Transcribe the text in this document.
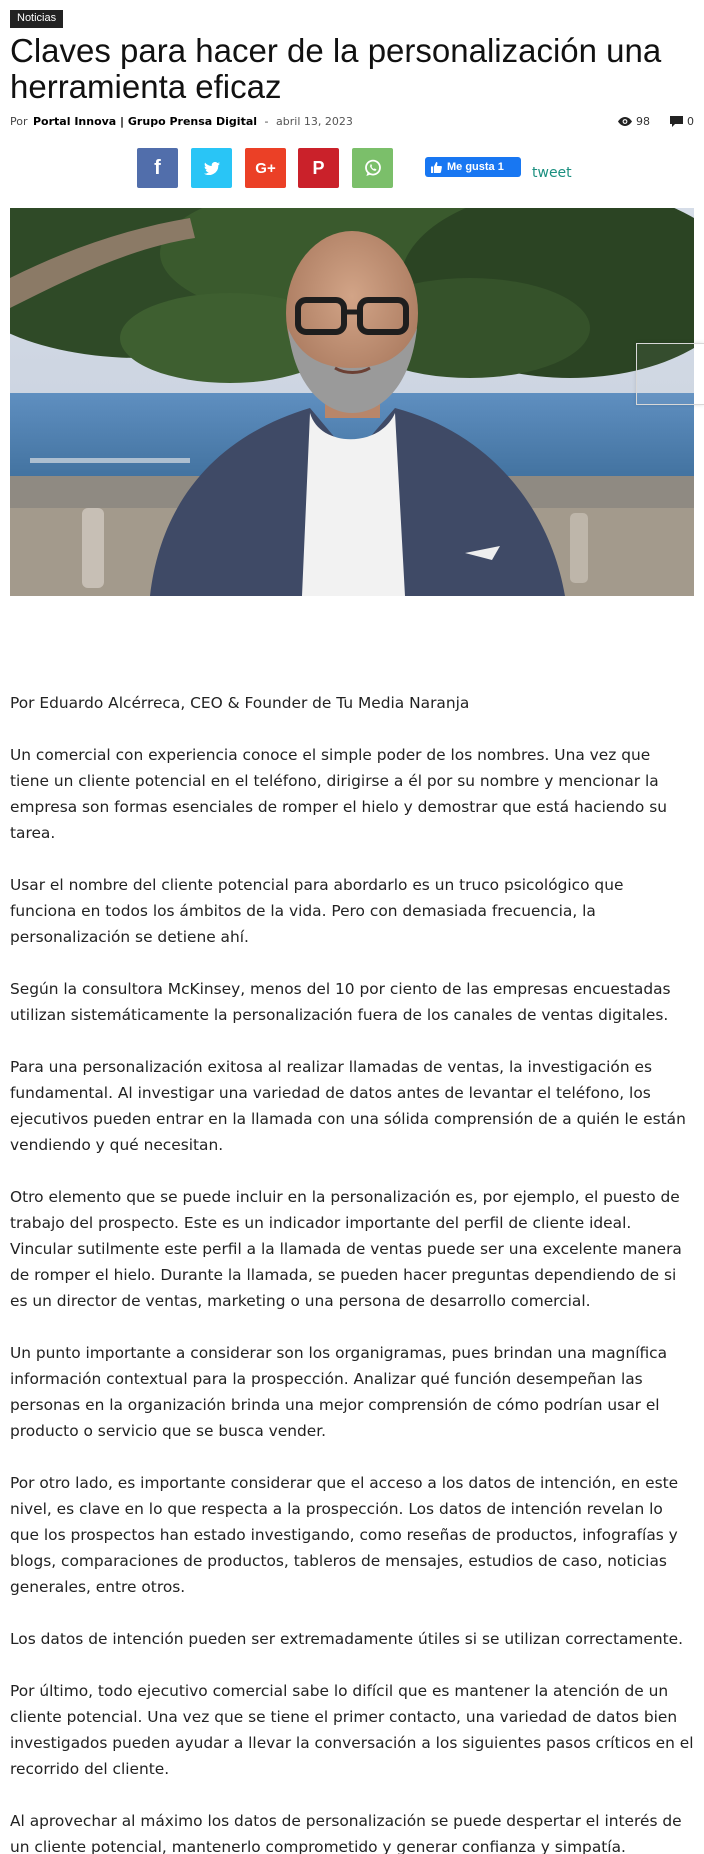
Noticias
Claves para hacer de la personalización una herramienta eficaz
Por Portal Innova | Grupo Prensa Digital - abril 13, 2023	98	0
f	G+ P	Me gusta 1 tweet

Por Eduardo Alcérreca, CEO & Founder de Tu Media Naranja

Un comercial con experiencia conoce el simple poder de los nombres. Una vez que tiene un cliente potencial en el teléfono, dirigirse a él por su nombre y mencionar la empresa son formas esenciales de romper el hielo y demostrar que está haciendo su tarea.

Usar el nombre del cliente potencial para abordarlo es un truco psicológico que funciona en todos los ámbitos de la vida. Pero con demasiada frecuencia, la personalización se detiene ahí.

Según la consultora McKinsey, menos del 10 por ciento de las empresas encuestadas utilizan sistemáticamente la personalización fuera de los canales de ventas digitales.

Para una personalización exitosa al realizar llamadas de ventas, la investigación es fundamental. Al investigar una variedad de datos antes de levantar el teléfono, los ejecutivos pueden entrar en la llamada con una sólida comprensión de a quién le están vendiendo y qué necesitan.

Otro elemento que se puede incluir en la personalización es, por ejemplo, el puesto de trabajo del prospecto. Este es un indicador importante del perfil de cliente ideal. Vincular sutilmente este perfil a la llamada de ventas puede ser una excelente manera de romper el hielo. Durante la llamada, se pueden hacer preguntas dependiendo de si es un director de ventas, marketing o una persona de desarrollo comercial.

Un punto importante a considerar son los organigramas, pues brindan una magnífica información contextual para la prospección. Analizar qué función desempeñan las personas en la organización brinda una mejor comprensión de cómo podrían usar el producto o servicio que se busca vender.

Por otro lado, es importante considerar que el acceso a los datos de intención, en este nivel, es clave en lo que respecta a la prospección. Los datos de intención revelan lo que los prospectos han estado investigando, como reseñas de productos, infografías y blogs, comparaciones de productos, tableros de mensajes, estudios de caso, noticias generales, entre otros.

Los datos de intención pueden ser extremadamente útiles si se utilizan correctamente.

Por último, todo ejecutivo comercial sabe lo difícil que es mantener la atención de un cliente potencial. Una vez que se tiene el primer contacto, una variedad de datos bien investigados pueden ayudar a llevar la conversación a los siguientes pasos críticos en el recorrido del cliente.

Al aprovechar al máximo los datos de personalización se puede despertar el interés de un cliente potencial, mantenerlo comprometido y generar confianza y simpatía.
